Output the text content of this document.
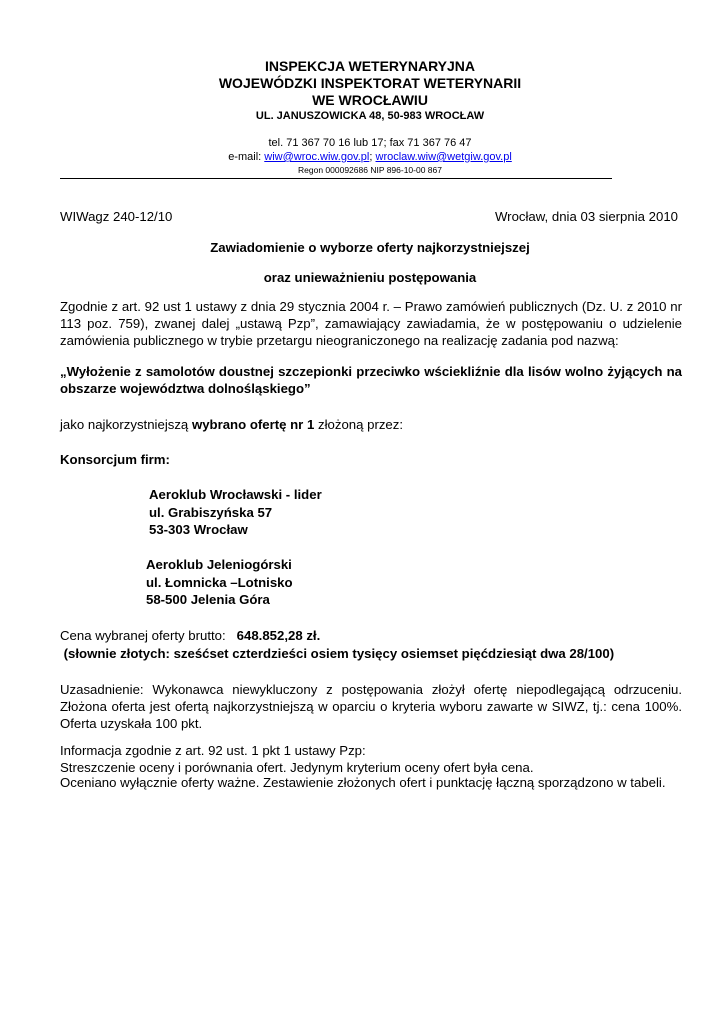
INSPEKCJA WETERYNARYJNA
WOJEWÓDZKI INSPEKTORAT WETERYNARII
WE WROCŁAWIU
UL. JANUSZOWICKA 48, 50-983 WROCŁAW
tel. 71 367 70 16 lub 17; fax 71 367 76 47
e-mail: wiw@wroc.wiw.gov.pl; wroclaw.wiw@wetgiw.gov.pl
Regon 000092686 NIP 896-10-00 867
WIWagz 240-12/10	Wrocław, dnia 03 sierpnia 2010
Zawiadomienie o wyborze oferty najkorzystniejszej
oraz unieważnieniu postępowania
Zgodnie z art. 92 ust 1 ustawy z dnia 29 stycznia 2004 r. – Prawo zamówień publicznych (Dz. U. z 2010 nr 113 poz. 759), zwanej dalej „ustawą Pzp”, zamawiający zawiadamia, że w postępowaniu o udzielenie zamówienia publicznego w trybie przetargu nieograniczonego na realizację zadania pod nazwą:
„Wyłożenie z samolotów doustnej szczepionki przeciwko wściekliźnie dla lisów wolno żyjących na obszarze województwa dolnośląskiego”
jako najkorzystniejszą wybrano ofertę nr 1 złożoną przez:
Konsorcjum firm:
Aeroklub Wrocławski - lider
ul. Grabiszyńska 57
53-303 Wrocław
Aeroklub Jeleniogórski
ul. Łomnicka –Lotnisko
58-500 Jelenia Góra
Cena wybranej oferty brutto:   648.852,28 zł.
(słownie złotych: sześćset czterdzieści osiem tysięcy osiemset pięćdziesiąt dwa 28/100)
Uzasadnienie: Wykonawca niewykluczony z postępowania złożył ofertę niepodlegającą odrzuceniu. Złożona oferta jest ofertą najkorzystniejszą w oparciu o kryteria wyboru zawarte w SIWZ, tj.: cena 100%. Oferta uzyskała 100 pkt.
Informacja zgodnie z art. 92 ust. 1 pkt 1 ustawy Pzp:
Streszczenie oceny i porównania ofert. Jedynym kryterium oceny ofert była cena.
Oceniano wyłącznie oferty ważne. Zestawienie złożonych ofert i punktację łączną sporządzono w tabeli.
